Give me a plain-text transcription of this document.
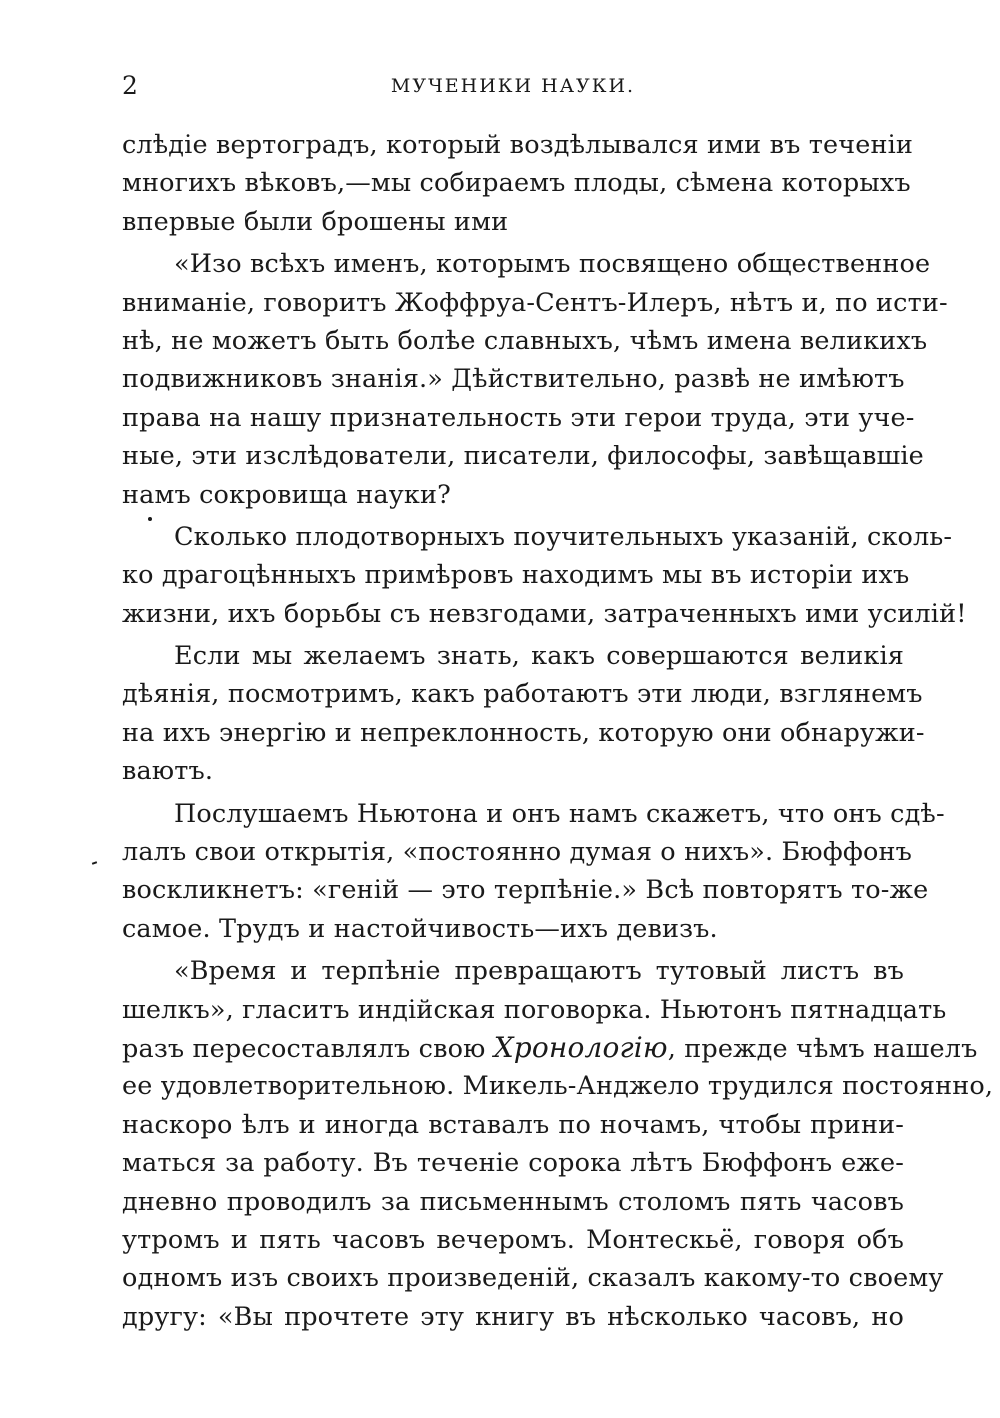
2	МУЧЕНИКИ НАУКИ.
слѣдіе вертоградъ, который воздѣлывался ими въ теченіи
многихъ вѣковъ,—мы собираемъ плоды, сѣмена которыхъ
впервые были брошены ими
«Изо всѣхъ именъ, которымъ посвящено общественное
вниманіе, говоритъ Жоффруа-Сентъ-Илеръ, нѣтъ и, по исти-
нѣ, не можетъ быть болѣе славныхъ, чѣмъ имена великихъ
подвижниковъ знанія.» Дѣйствительно, развѣ не имѣютъ
права на нашу признательность эти герои труда, эти уче-
ные, эти изслѣдователи, писатели, философы, завѣщавшіе
намъ сокровища науки?
Сколько плодотворныхъ поучительныхъ указаній, сколь-
ко драгоцѣнныхъ примѣровъ находимъ мы въ исторіи ихъ
жизни, ихъ борьбы съ невзгодами, затраченныхъ ими усилій!
Если мы желаемъ знать, какъ совершаются великія
дѣянія, посмотримъ, какъ работаютъ эти люди, взглянемъ
на ихъ энергію и непреклонность, которую они обнаружи-
ваютъ.
Послушаемъ Ньютона и онъ намъ скажетъ, что онъ сдѣ-
лалъ свои открытія, «постоянно думая о нихъ». Бюффонъ
воскликнетъ: «геній — это терпѣніе.» Всѣ повторятъ то-же
самое. Трудъ и настойчивость—ихъ девизъ.
«Время и терпѣніе превращаютъ тутовый листъ въ
шелкъ», гласитъ индійская поговорка. Ньютонъ пятнадцать
разъ пересоставлялъ свою Хронологію, прежде чѣмъ нашелъ
ее удовлетворительною. Микель-Анджело трудился постоянно,
наскоро ѣлъ и иногда вставалъ по ночамъ, чтобы прини-
маться за работу. Въ теченіе сорока лѣтъ Бюффонъ еже-
дневно проводилъ за письменнымъ столомъ пять часовъ
утромъ и пять часовъ вечеромъ. Монтескьё, говоря объ
одномъ изъ своихъ произведеній, сказалъ какому-то своему
другу: «Вы прочтете эту книгу въ нѣсколько часовъ, но
